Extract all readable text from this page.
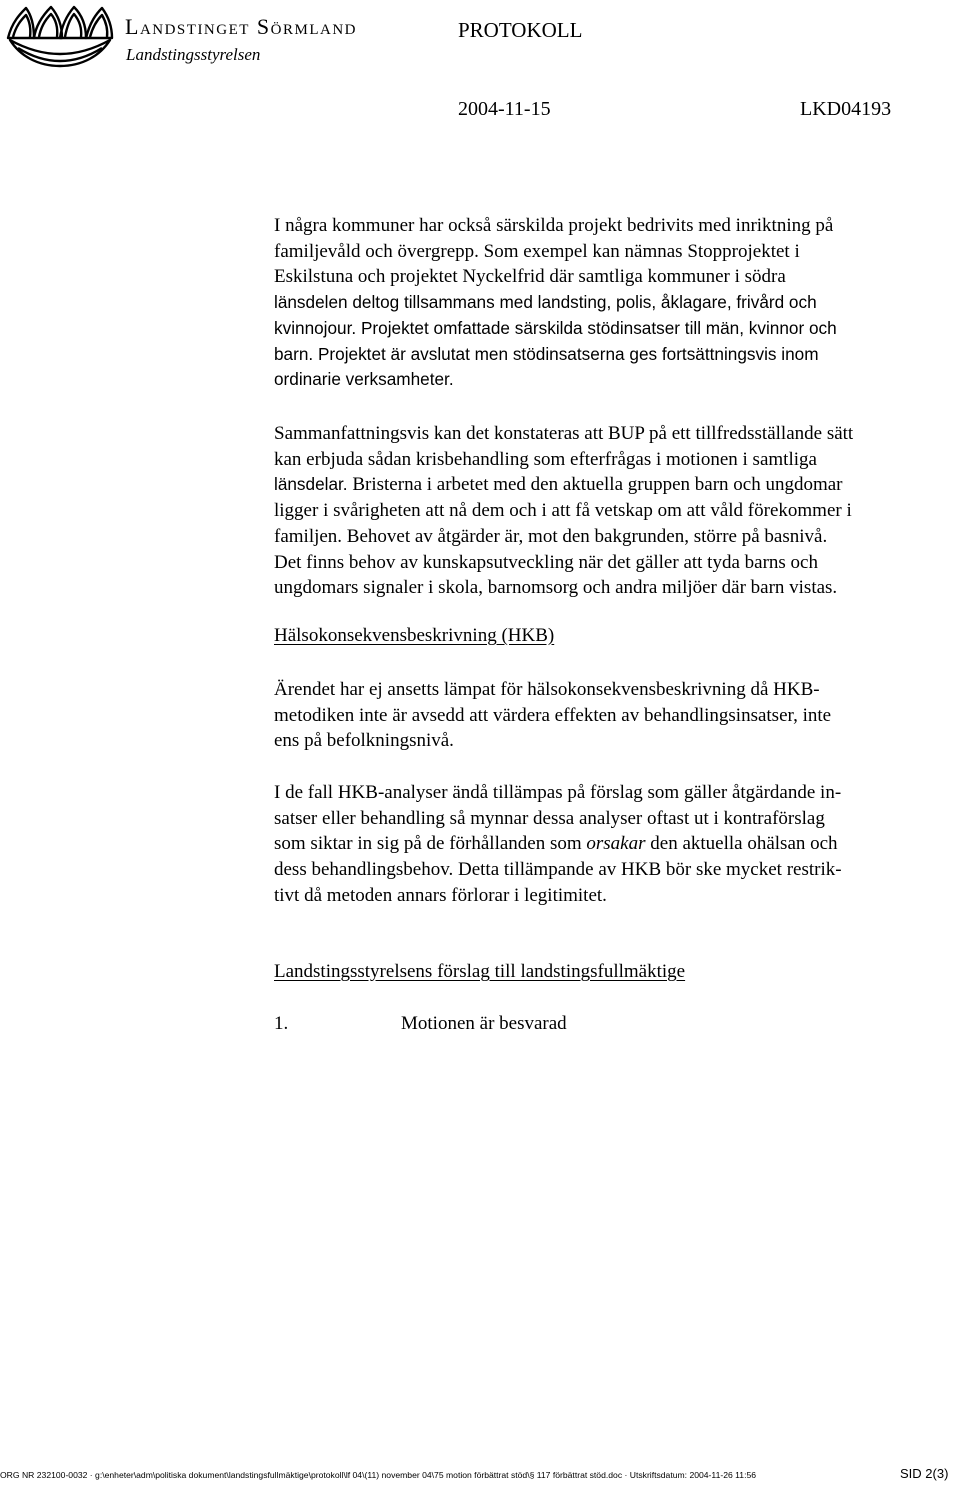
Landstinget Sörmland
Landstingsstyrelsen
PROTOKOLL
2004-11-15	LKD04193
I några kommuner har också särskilda projekt bedrivits med inriktning på
familjevåld och övergrepp. Som exempel kan nämnas Stopprojektet i
Eskilstuna och projektet Nyckelfrid där samtliga kommuner i södra
länsdelen deltog tillsammans med landsting, polis, åklagare, frivård och
kvinnojour. Projektet omfattade särskilda stödinsatser till män, kvinnor och
barn. Projektet är avslutat men stödinsatserna ges fortsättningsvis inom
ordinarie verksamheter.
Sammanfattningsvis kan det konstateras att BUP på ett tillfredsställande sätt
kan erbjuda sådan krisbehandling som efterfrågas i motionen i samtliga
länsdelar. Bristerna i arbetet med den aktuella gruppen barn och ungdomar
ligger i svårigheten att nå dem och i att få vetskap om att våld förekommer i
familjen. Behovet av åtgärder är, mot den bakgrunden, större på basnivå.
Det finns behov av kunskapsutveckling när det gäller att tyda barns och
ungdomars signaler i skola, barnomsorg och andra miljöer där barn vistas.
Hälsokonsekvensbeskrivning (HKB)
Ärendet har ej ansetts lämpat för hälsokonsekvensbeskrivning då HKB-
metodiken inte är avsedd att värdera effekten av behandlingsinsatser, inte
ens på befolkningsnivå.
I de fall HKB-analyser ändå tillämpas på förslag som gäller åtgärdande in-
satser eller behandling så mynnar dessa analyser oftast ut i kontraförslag
som siktar in sig på de förhållanden som orsakar den aktuella ohälsan och
dess behandlingsbehov. Detta tillämpande av HKB bör ske mycket restrik-
tivt då metoden annars förlorar i legitimitet.
Landstingsstyrelsens förslag till landstingsfullmäktige
1.	Motionen är besvarad
ORG NR 232100-0032 · g:\enheter\adm\politiska dokument\landstingsfullmäktige\protokoll\lf 04\(11) november 04\75 motion förbättrat stöd\§ 117 förbättrat stöd.doc · Utskriftsdatum: 2004-11-26 11:56	SID 2(3)
